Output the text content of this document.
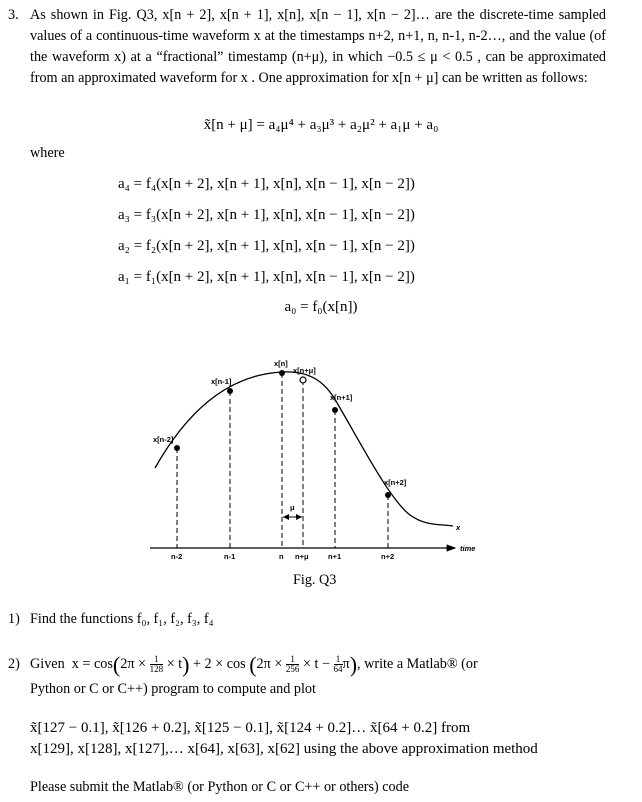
3. As shown in Fig. Q3, x[n + 2], x[n + 1], x[n], x[n − 1], x[n − 2]… are the discrete-time sampled values of a continuous-time waveform x at the timestamps n+2, n+1, n, n-1, n-2…, and the value (of the waveform x) at a “fractional” timestamp (n+μ), in which −0.5 ≤ μ < 0.5 , can be approximated from an approximated waveform for x . One approximation for x[n + μ] can be written as follows:
x̃[n + μ] = a₄μ⁴ + a₃μ³ + a₂μ² + a₁μ + a₀
where
a₄ = f₄(x[n + 2], x[n + 1], x[n], x[n − 1], x[n − 2])
a₃ = f₃(x[n + 2], x[n + 1], x[n], x[n − 1], x[n − 2])
a₂ = f₂(x[n + 2], x[n + 1], x[n], x[n − 1], x[n − 2])
a₁ = f₁(x[n + 2], x[n + 1], x[n], x[n − 1], x[n − 2])
a₀ = f₀(x[n])
x[n-2]
x[n-1]
x[n]
x[n+μ]
x[n+1]
x[n+2]
μ
x
time
n-2	n-1	n n+μ	n+1	n+2
Fig. Q3
1) Find the functions f₀, f₁, f₂, f₃, f₄
2) Given
x = cos ( 2π ×
$\frac{1}{128}$
× t )
+ 2 × cos
( 2π ×
$\frac{1}{256}$
× t −
$\frac{1}{64}$ π ) , write a Matlab® (or
Python or C or C++) program to compute and plot
x̃[127 − 0.1], x̃[126 + 0.2], x̃[125 − 0.1], x̃[124 + 0.2]… x̃[64 + 0.2] from
x[129], x[128], x[127],… x[64], x[63], x[62] using the above approximation method
Please submit the Matlab® (or Python or C or C++ or others) code
